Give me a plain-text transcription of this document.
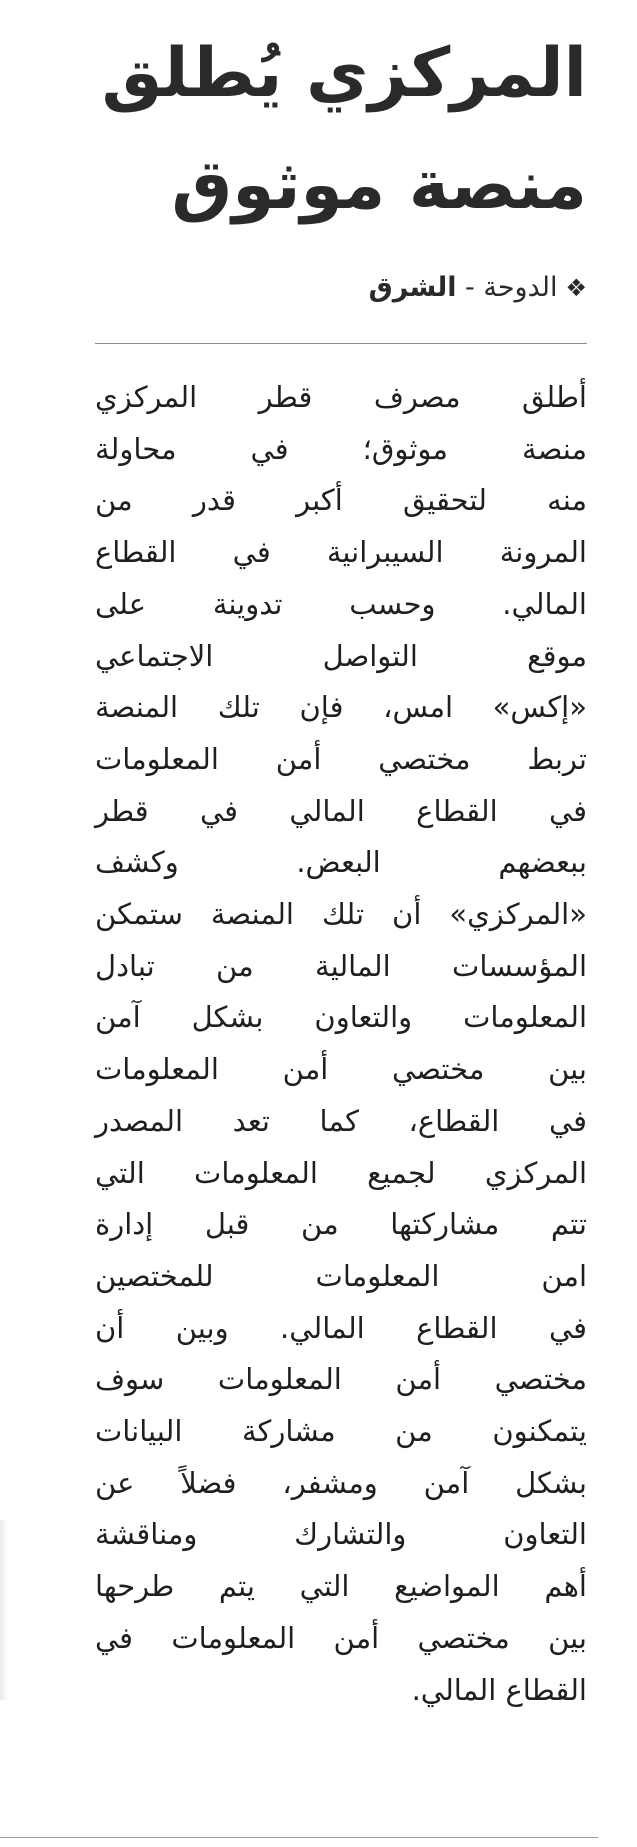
المركزي يُطلق
منصة موثوق
❖الدوحة - الشرق
أطلق مصرف قطر المركزي
منصة موثوق؛ في محاولة
منه لتحقيق أكبر قدر من
المرونة السيبرانية في القطاع
المالي. وحسب تدوينة على
موقع التواصل الاجتماعي
«إكس» امس، فإن تلك المنصة
تربط مختصي أمن المعلومات
في القطاع المالي في قطر
ببعضهم البعض. وكشف
«المركزي» أن تلك المنصة ستمكن
المؤسسات المالية من تبادل
المعلومات والتعاون بشكل آمن
بين مختصي أمن المعلومات
في القطاع، كما تعد المصدر
المركزي لجميع المعلومات التي
تتم مشاركتها من قبل إدارة
امن المعلومات للمختصين
في القطاع المالي. وبين أن
مختصي أمن المعلومات سوف
يتمكنون من مشاركة البيانات
بشكل آمن ومشفر، فضلاً عن
التعاون والتشارك ومناقشة
أهم المواضيع التي يتم طرحها
بين مختصي أمن المعلومات في
القطاع المالي.
